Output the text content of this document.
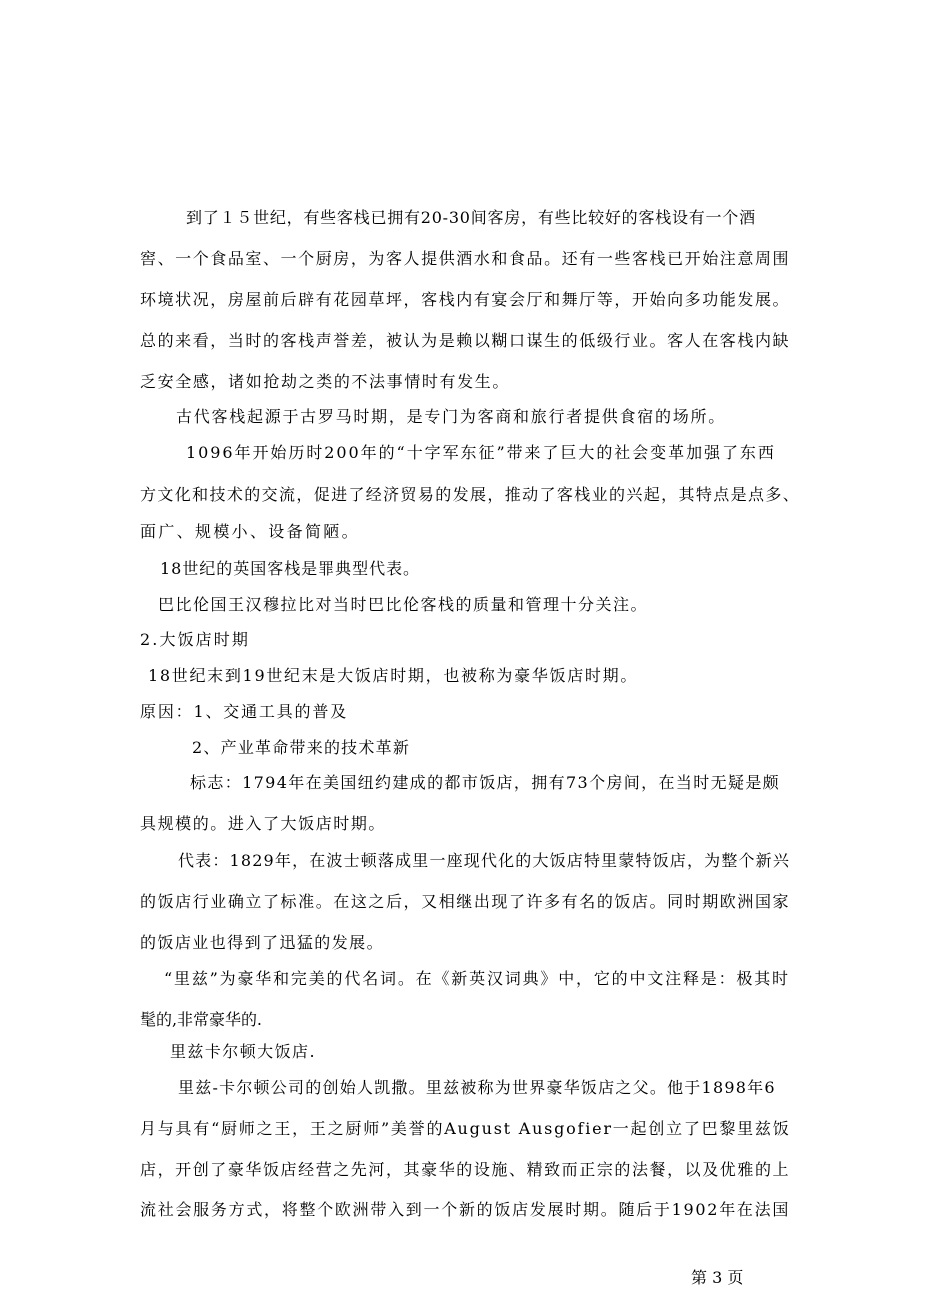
到了１５世纪，有些客栈已拥有20-30间客房，有些比较好的客栈设有一个酒
窖、一个食品室、一个厨房，为客人提供酒水和食品。还有一些客栈已开始注意周围
环境状况，房屋前后辟有花园草坪，客栈内有宴会厅和舞厅等，开始向多功能发展。
总的来看，当时的客栈声誉差，被认为是赖以糊口谋生的低级行业。客人在客栈内缺
乏安全感，诸如抢劫之类的不法事情时有发生。
古代客栈起源于古罗马时期，是专门为客商和旅行者提供食宿的场所。
1096年开始历时200年的“十字军东征”带来了巨大的社会变革加强了东西
方文化和技术的交流，促进了经济贸易的发展，推动了客栈业的兴起，其特点是点多、
面广、规模小、设备简陋。
18世纪的英国客栈是罪典型代表。
巴比伦国王汉穆拉比对当时巴比伦客栈的质量和管理十分关注。
2.大饭店时期
18世纪末到19世纪末是大饭店时期，也被称为豪华饭店时期。
原因：1、交通工具的普及
2、产业革命带来的技术革新
标志：1794年在美国纽约建成的都市饭店，拥有73个房间，在当时无疑是颇
具规模的。进入了大饭店时期。
代表：1829年，在波士顿落成里一座现代化的大饭店特里蒙特饭店，为整个新兴
的饭店行业确立了标准。在这之后，又相继出现了许多有名的饭店。同时期欧洲国家
的饭店业也得到了迅猛的发展。
“里兹”为豪华和完美的代名词。在《新英汉词典》中，它的中文注释是：极其时
髦的,非常豪华的.
里兹卡尔顿大饭店.
里兹-卡尔顿公司的创始人凯撒。里兹被称为世界豪华饭店之父。他于1898年6
月与具有“厨师之王，王之厨师”美誉的August Ausgofier一起创立了巴黎里兹饭
店，开创了豪华饭店经营之先河，其豪华的设施、精致而正宗的法餐，以及优雅的上
流社会服务方式，将整个欧洲带入到一个新的饭店发展时期。随后于1902年在法国
第 3 页
